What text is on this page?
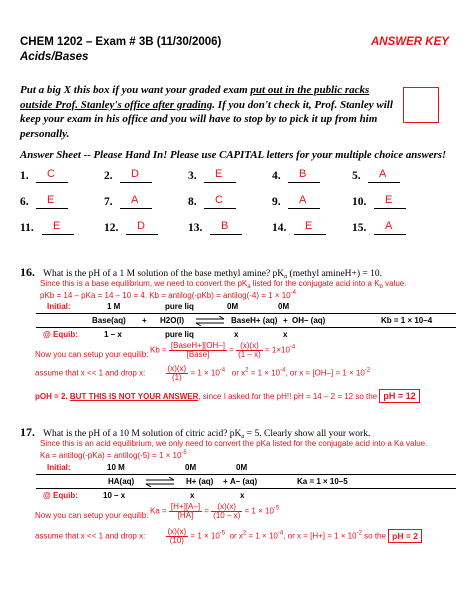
CHEM 1202 – Exam # 3B (11/30/2006)	ANSWER KEY
Acids/Bases
Put a big X this box if you want your graded exam put out in the public racks
outside Prof. Stanley's office after grading. If you don't check it, Prof. Stanley will
keep your exam in his office and you will have to stop by to pick it up from him
personally.
Answer Sheet -- Please Hand In! Please use CAPITAL letters for your multiple choice answers!
1. C	2. D	3. E	4. B	5. A
6. E	7. A	8. C	9. A	10. E
11. E	12. D	13. B	14. E	15. A
16. What is the pH of a 1 M solution of the base methyl amine? $pK_a$ (methyl amineH+) = 10.
Since this is a base equilibrium, we need to convert the $pK_a$ listed for the conjugate acid into a $K_b$ value.
pKb = 14 – pKa = 14 – 10 = 4. Kb = antilog(-pKb) = antilog(-4) = $1 \times 10^{-4}$
Initial:	1 M	pure liq	0M	0M
Base(aq) + H2O(l) ⇌ BaseH+ (aq) + OH– (aq)	Kb = 1 × 10–4
@ Equib:	1 – x	pure liq	x	x
Now you can setup your equilib: $Kb = \frac{\text{[BaseH+][OH–]}}{\text{[Base]}} = \frac{(x)(x)}{(1 - x)} = 1\times 10^{-4}$
assume that x << 1 and drop x:	$\frac{(x)(x)}{(1)} = 1 \times 10^{-4}$ or $x^2 = 1 \times 10^{-4}$, or $x = [OH-] = 1 \times 10^{-2}$
pOH = 2. BUT THIS IS NOT YOUR ANSWER, since I asked for the pH!! pH = 14 – 2 = 12 so the pH = 12
17. What is the pH of a 10 M solution of citric acid? $pK_a = 5$. Clearly show all your work.
Since this is an acid equilibrium, we only need to convert the pKa listed for the conjugate acid into a Ka value.
Ka = antilog(-pKa) = antilog(-5) = $1 \times 10^{-5}$
Initial:	10 M	0M	0M
HA(aq) ⇌ H+ (aq) + A– (aq)	Ka = 1 × 10–5
@ Equib:	10 – x	x	x
Now you can setup your equilib: $Ka = \frac{[H+][A-]}{[HA]} = \frac{(x)(x)}{(10 - x)} = 1 \times 10^{-5}$
assume that x << 1 and drop x:	$\frac{(x)(x)}{(10)} = 1 \times 10^{-5}$ or $x^2 = 1 \times 10^{-4}$, or $x = [H+] = 1 \times 10^{-2}$ so the pH = 2
